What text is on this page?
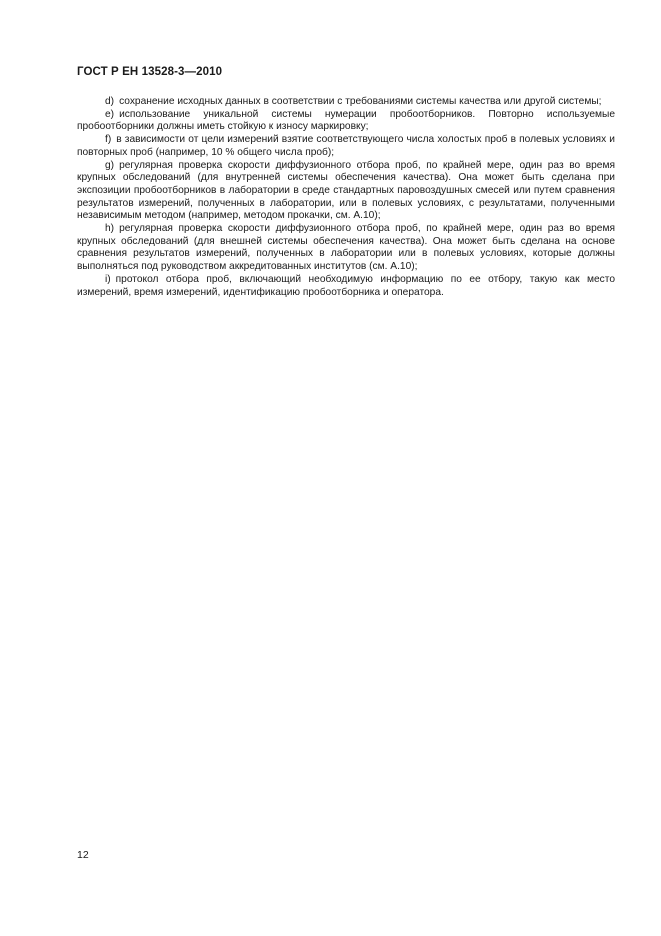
ГОСТ Р ЕН 13528-3—2010

d) сохранение исходных данных в соответствии с требованиями системы качества или другой системы;

e) использование уникальной системы нумерации пробоотборников. Повторно используемые пробоотборники должны иметь стойкую к износу маркировку;

f) в зависимости от цели измерений взятие соответствующего числа холостых проб в полевых условиях и повторных проб (например, 10 % общего числа проб);

g) регулярная проверка скорости диффузионного отбора проб, по крайней мере, один раз во время крупных обследований (для внутренней системы обеспечения качества). Она может быть сделана при экспозиции пробоотборников в лаборатории в среде стандартных паровоздушных смесей или путем сравнения результатов измерений, полученных в лаборатории, или в полевых условиях, с результатами, полученными независимым методом (например, методом прокачки, см. А.10);

h) регулярная проверка скорости диффузионного отбора проб, по крайней мере, один раз во время крупных обследований (для внешней системы обеспечения качества). Она может быть сделана на основе сравнения результатов измерений, полученных в лаборатории или в полевых условиях, которые должны выполняться под руководством аккредитованных институтов (см. А.10);

i) протокол отбора проб, включающий необходимую информацию по ее отбору, такую как место измерений, время измерений, идентификацию пробоотборника и оператора.

12
